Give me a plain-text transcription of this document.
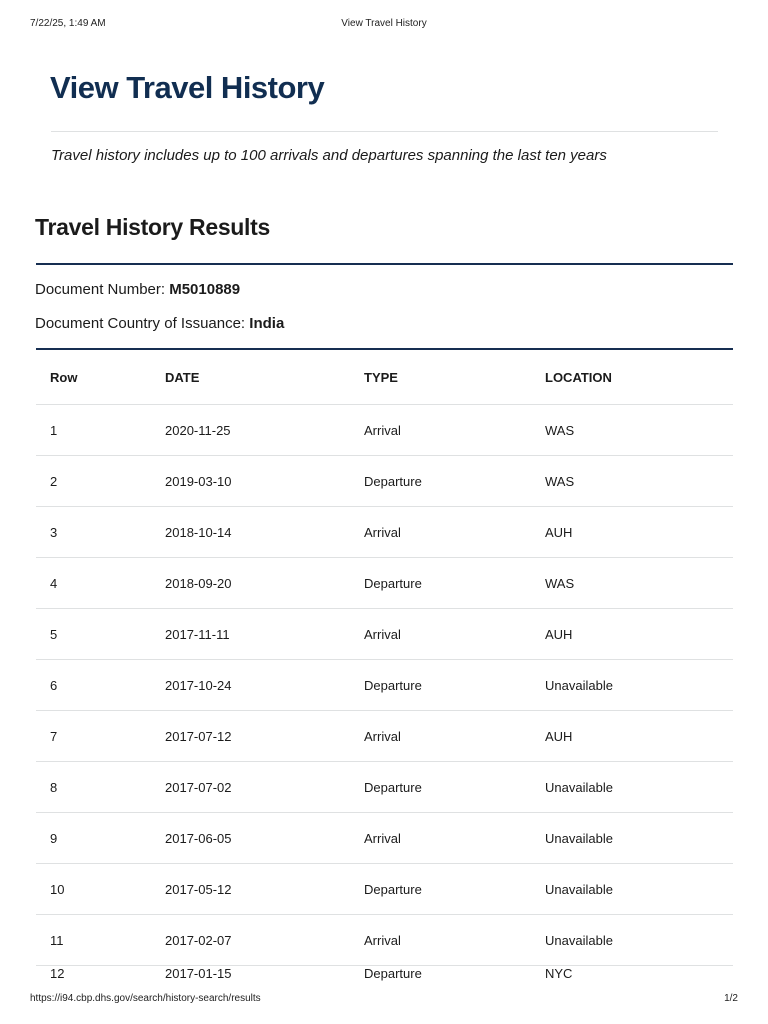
7/22/25, 1:49 AM	View Travel History
View Travel History

Travel history includes up to 100 arrivals and departures spanning the last ten years

Travel History Results

Document Number: M5010889

Document Country of Issuance: India

Row	DATE	TYPE	LOCATION
1	2020-11-25	Arrival	WAS
2	2019-03-10	Departure	WAS
3	2018-10-14	Arrival	AUH
4	2018-09-20	Departure	WAS
5	2017-11-11	Arrival	AUH
6	2017-10-24	Departure	Unavailable
7	2017-07-12	Arrival	AUH
8	2017-07-02	Departure	Unavailable
9	2017-06-05	Arrival	Unavailable
10	2017-05-12	Departure	Unavailable
11	2017-02-07	Arrival	Unavailable
12	2017-01-15	Departure	NYC
https://i94.cbp.dhs.gov/search/history-search/results	1/2
